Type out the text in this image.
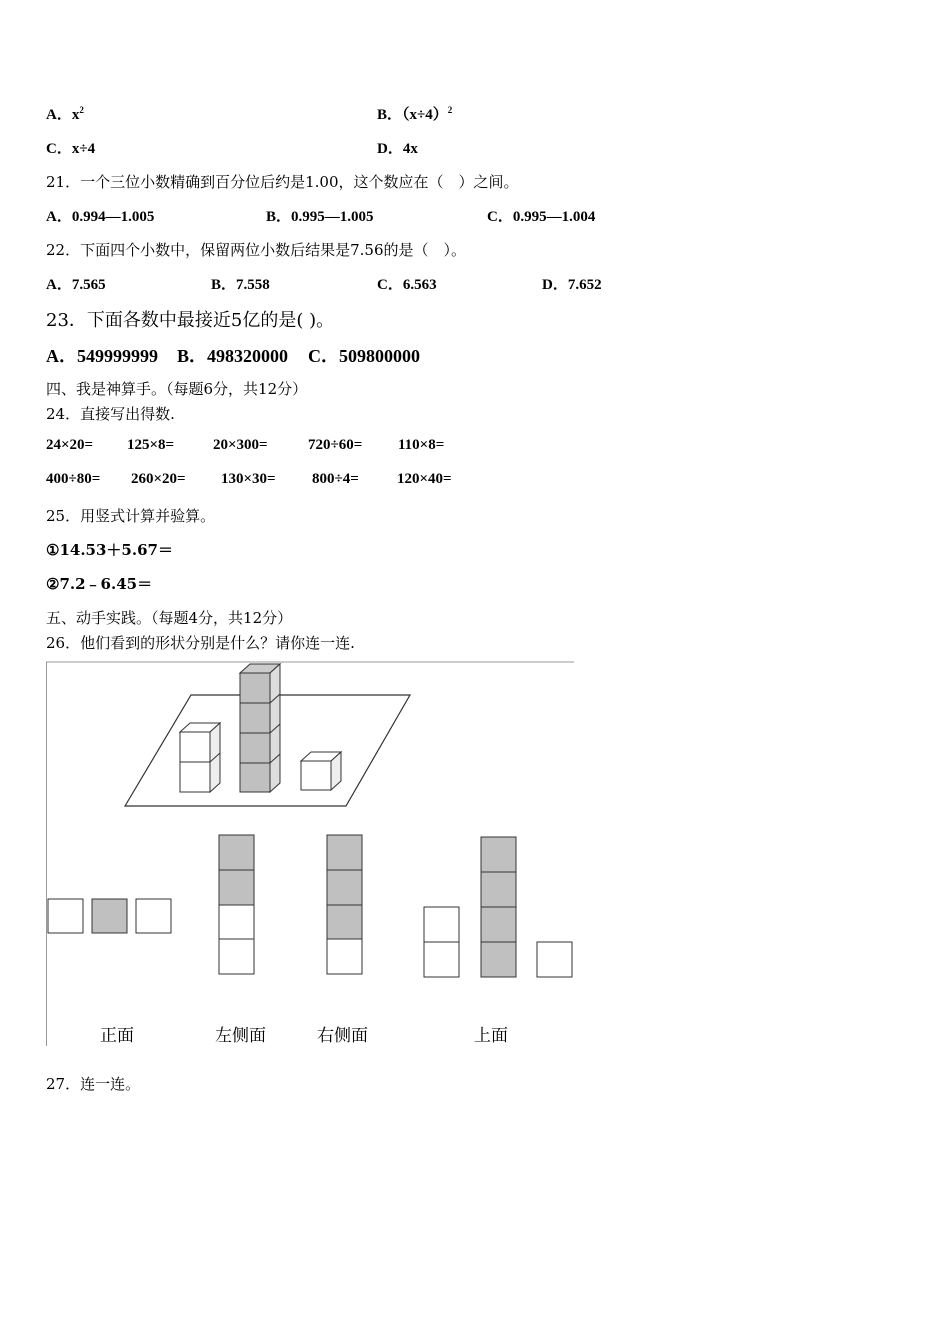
A．$x^2$	B．$(x\div 4)^2$
C．x÷4	D．4x
21．一个三位小数精确到百分位后约是1.00，这个数应在（　）之间。
A．0.994—1.005	B．0.995—1.005	C．0.995—1.004
22．下面四个小数中，保留两位小数后结果是7.56的是（　）。
A．7.565	B．7.558	C．6.563	D．7.652
23．下面各数中最接近5亿的是( )。
A．549999999 B．498320000 C．509800000
四、我是神算手。（每题6分，共12分）
24．直接写出得数.
24×20= 125×8=	20×300=	720÷60= 110×8=
400÷80= 260×20= 130×30= 800÷4=	120×40=
25．用竖式计算并验算。
①14.53＋5.67＝
②7.2﹣6.45＝
五、动手实践。（每题4分，共12分）
26．他们看到的形状分别是什么？请你连一连.
正面	左侧面	右侧面	上面
27．连一连。
